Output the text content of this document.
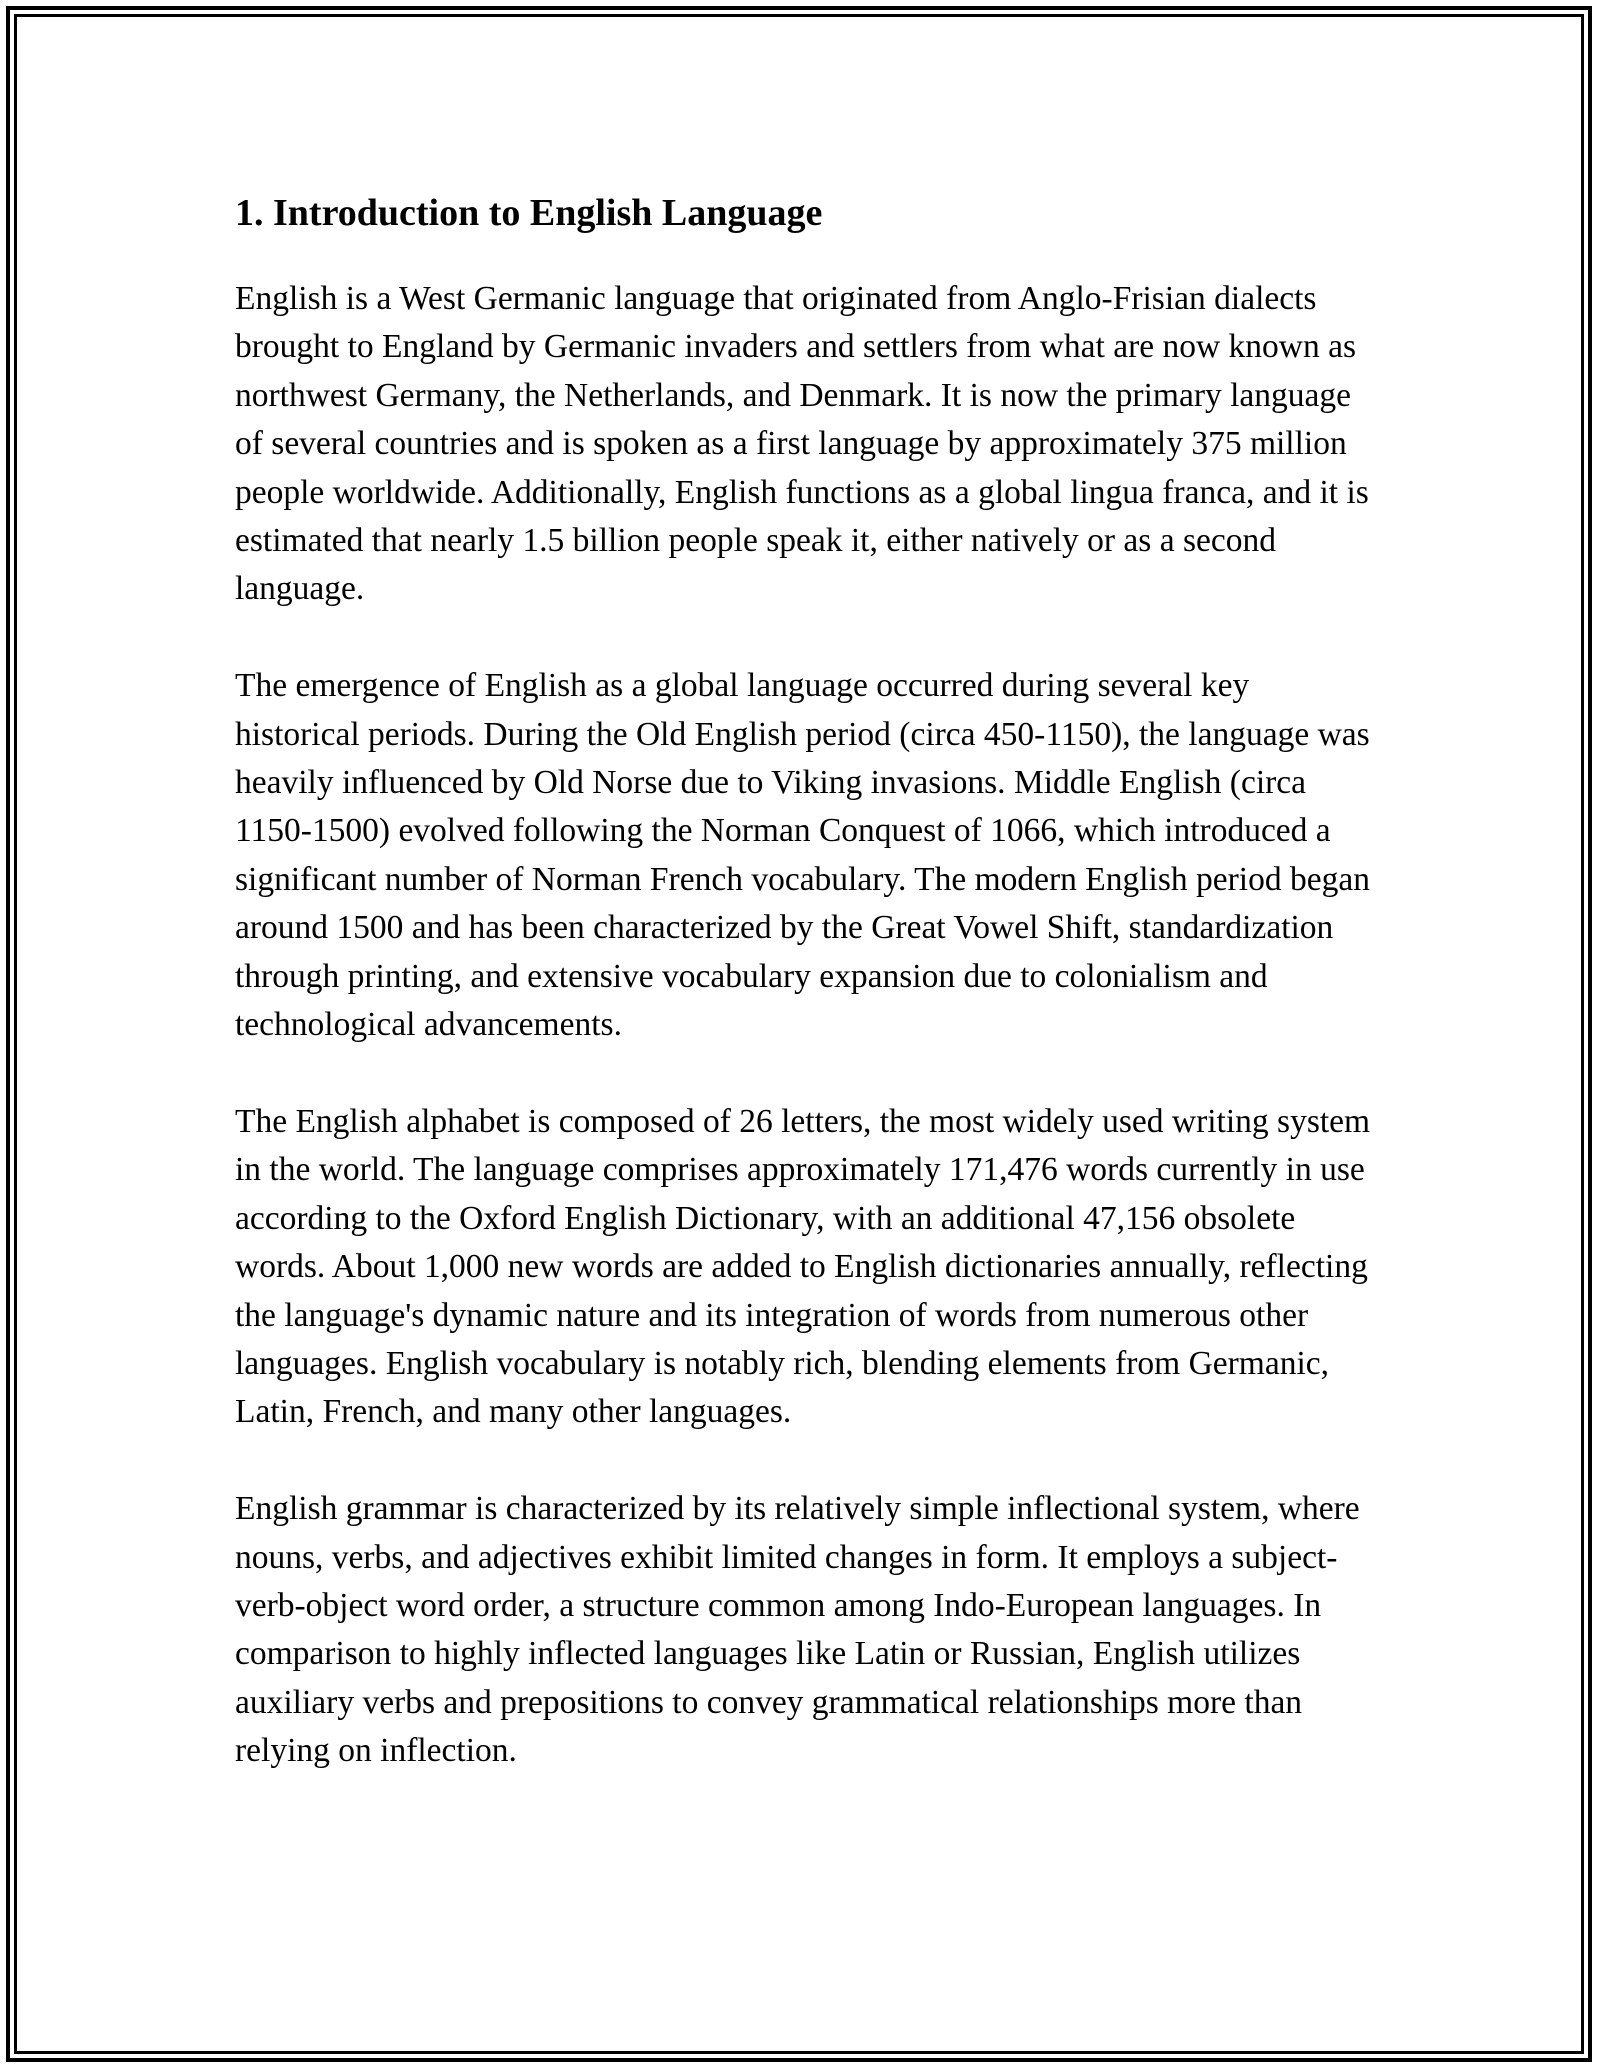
1. Introduction to English Language

English is a West Germanic language that originated from Anglo-Frisian dialects brought to England by Germanic invaders and settlers from what are now known as northwest Germany, the Netherlands, and Denmark. It is now the primary language of several countries and is spoken as a first language by approximately 375 million people worldwide. Additionally, English functions as a global lingua franca, and it is estimated that nearly 1.5 billion people speak it, either natively or as a second language.

The emergence of English as a global language occurred during several key historical periods. During the Old English period (circa 450-1150), the language was heavily influenced by Old Norse due to Viking invasions. Middle English (circa 1150-1500) evolved following the Norman Conquest of 1066, which introduced a significant number of Norman French vocabulary. The modern English period began around 1500 and has been characterized by the Great Vowel Shift, standardization through printing, and extensive vocabulary expansion due to colonialism and technological advancements.

The English alphabet is composed of 26 letters, the most widely used writing system in the world. The language comprises approximately 171,476 words currently in use according to the Oxford English Dictionary, with an additional 47,156 obsolete words. About 1,000 new words are added to English dictionaries annually, reflecting the language's dynamic nature and its integration of words from numerous other languages. English vocabulary is notably rich, blending elements from Germanic, Latin, French, and many other languages.

English grammar is characterized by its relatively simple inflectional system, where nouns, verbs, and adjectives exhibit limited changes in form. It employs a subject-verb-object word order, a structure common among Indo-European languages. In comparison to highly inflected languages like Latin or Russian, English utilizes auxiliary verbs and prepositions to convey grammatical relationships more than relying on inflection.
